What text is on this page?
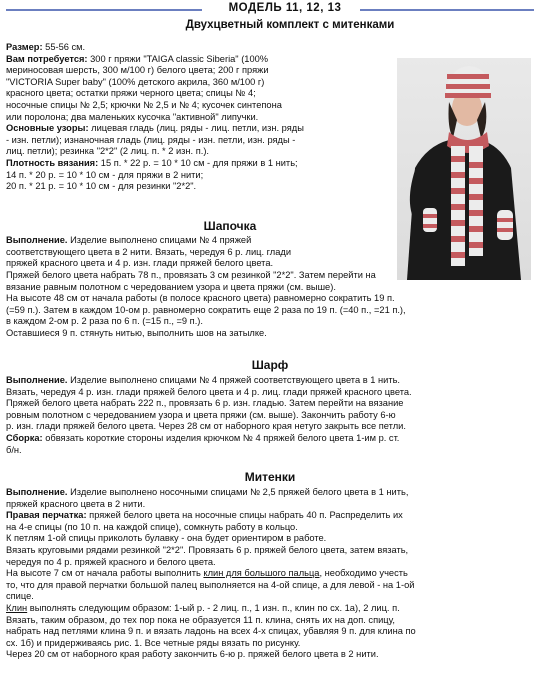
МОДЕЛЬ 11, 12, 13
Двухцветный комплект с митенками

Размер: 55-56 см.

Вам потребуется: 300 г пряжи "TAIGA classic Siberia" (100%

мериносовая шерсть, 300 м/100 г) белого цвета; 200 г пряжи

"VICTORIA Super baby" (100% детского акрила, 360 м/100 г)

красного цвета; остатки пряжи черного цвета; спицы № 4;

носочные спицы № 2,5; крючки № 2,5 и № 4; кусочек синтепона

или поролона; два маленьких кусочка "активной" липучки.

Основные узоры: лицевая гладь (лиц. ряды - лиц. петли, изн. ряды

- изн. петли); изнаночная гладь (лиц. ряды - изн. петли, изн. ряды -

лиц. петли); резинка "2*2" (2 лиц. п. * 2 изн. п.).

Плотность вязания: 15 п. * 22 р. = 10 * 10 см - для пряжи в 1 нить;

14 п. * 20 р. = 10 * 10 см - для пряжи в 2 нити;

20 п. * 21 р. = 10 * 10 см - для резинки "2*2".

Шапочка

Выполнение. Изделие выполнено спицами № 4 пряжей

соответствующего цвета в 2 нити. Вязать, чередуя 6 р. лиц. глади

пряжей красного цвета и 4 р. изн. глади пряжей белого цвета.

Пряжей белого цвета набрать 78 п., провязать 3 см резинкой "2*2". Затем перейти на

вязание равным полотном с чередованием узора и цвета пряжи (см. выше).

На высоте 48 см от начала работы (в полосе красного цвета) равномерно сократить 19 п.

(=59 п.). Затем в каждом 10-ом р. равномерно сократить еще 2 раза по 19 п. (=40 п., =21 п.),

в каждом 2-ом р. 2 раза по 6 п. (=15 п., =9 п.).

Оставшиеся 9 п. стянуть нитью, выполнить шов на затылке.

Шарф

Выполнение. Изделие выполнено спицами № 4 пряжей соответствующего цвета в 1 нить.

Вязать, чередуя 4 р. изн. глади пряжей белого цвета и 4 р. лиц. глади пряжей красного цвета.

Пряжей белого цвета набрать 222 п., провязать 6 р. изн. гладью. Затем перейти на вязание

ровным полотном с чередованием узора и цвета пряжи (см. выше). Закончить работу 6-ю

р. изн. глади пряжей белого цвета. Через 28 см от наборного края нетуго закрыть все петли.

Сборка: обвязать короткие стороны изделия крючком № 4 пряжей белого цвета 1-им р. ст.

б/н.

Митенки

Выполнение. Изделие выполнено носочными спицами № 2,5 пряжей белого цвета в 1 нить,

пряжей красного цвета в 2 нити.

Правая перчатка: пряжей белого цвета на носочные спицы набрать 40 п. Распределить их

на 4-е спицы (по 10 п. на каждой спице), сомкнуть работу в кольцо.

К петлям 1-ой спицы приколоть булавку - она будет ориентиром в работе.

Вязать круговыми рядами резинкой "2*2". Провязать 6 р. пряжей белого цвета, затем вязать,

чередуя по 4 р. пряжей красного и белого цвета.

На высоте 7 см от начала работы выполнить клин для большого пальца, необходимо учесть

то, что для правой перчатки большой палец выполняется на 4-ой спице, а для левой - на 1-ой

спице.

Клин выполнять следующим образом: 1-ый р. - 2 лиц. п., 1 изн. п., клин по сх. 1а), 2 лиц. п.

Вязать, таким образом, до тех пор пока не образуется 11 п. клина, снять их на доп. спицу,

набрать над петлями клина 9 п. и вязать ладонь на всех 4-х спицах, убавляя 9 п. для клина по

сх. 1б) и придерживаясь рис. 1. Все четные ряды вязать по рисунку.

Через 20 см от наборного края работу закончить 6-ю р. пряжей белого цвета в 2 нити.
